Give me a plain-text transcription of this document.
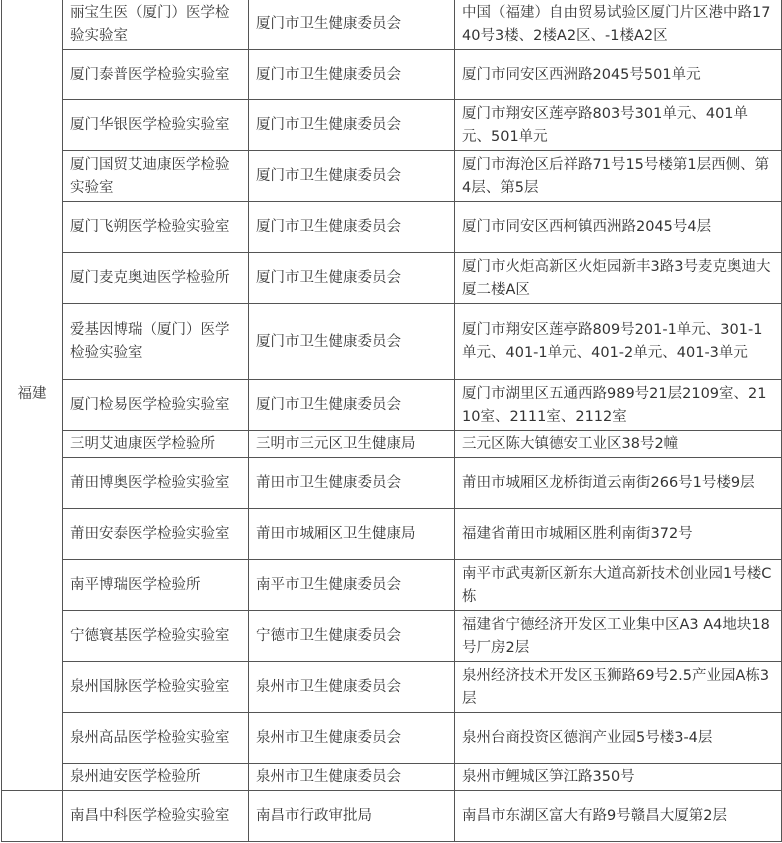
福建	丽宝生医（厦门）医学检验实验室	厦门市卫生健康委员会	中国（福建）自由贸易试验区厦门片区港中路1740号3楼、2楼A2区、-1楼A2区
	厦门泰普医学检验实验室	厦门市卫生健康委员会	厦门市同安区西洲路2045号501单元
	厦门华银医学检验实验室	厦门市卫生健康委员会	厦门市翔安区莲亭路803号301单元、401单元、501单元
	厦门国贸艾迪康医学检验实验室	厦门市卫生健康委员会	厦门市海沧区后祥路71号15号楼第1层西侧、第4层、第5层
	厦门飞朔医学检验实验室	厦门市卫生健康委员会	厦门市同安区西柯镇西洲路2045号4层
	厦门麦克奥迪医学检验所	厦门市卫生健康委员会	厦门市火炬高新区火炬园新丰3路3号麦克奥迪大厦二楼A区
	爱基因博瑞（厦门）医学检验实验室	厦门市卫生健康委员会	厦门市翔安区莲亭路809号201-1单元、301-1单元、401-1单元、401-2单元、401-3单元
	厦门检易医学检验实验室	厦门市卫生健康委员会	厦门市湖里区五通西路989号21层2109室、2110室、2111室、2112室
	三明艾迪康医学检验所	三明市三元区卫生健康局	三元区陈大镇德安工业区38号2幢
	莆田博奥医学检验实验室	莆田市卫生健康委员会	莆田市城厢区龙桥街道云南街266号1号楼9层
	莆田安泰医学检验实验室	莆田市城厢区卫生健康局	福建省莆田市城厢区胜利南街372号
	南平博瑞医学检验所	南平市卫生健康委员会	南平市武夷新区新东大道高新技术创业园1号楼C栋
	宁德寰基医学检验实验室	宁德市卫生健康委员会	福建省宁德经济开发区工业集中区A3 A4地块18号厂房2层
	泉州国脉医学检验实验室	泉州市卫生健康委员会	泉州经济技术开发区玉狮路69号2.5产业园A栋3层
	泉州高品医学检验实验室	泉州市卫生健康委员会	泉州台商投资区德润产业园5号楼3-4层
	泉州迪安医学检验所	泉州市卫生健康委员会	泉州市鲤城区笋江路350号
	南昌中科医学检验实验室	南昌市行政审批局	南昌市东湖区富大有路9号赣昌大厦第2层
